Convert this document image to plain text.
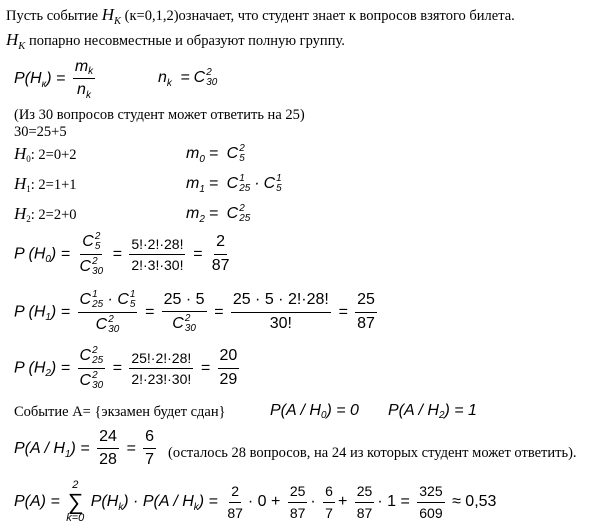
Пусть событие $H_K$ (к=0,1,2)означает, что студент знает к вопросов взятого билета.
$H_K$ попарно несовместные и образуют полную группу.
$P(H_к) = \frac{m_k}{n_k}$	$n_k = C$ 2
30
(Из 30 вопросов студент может ответить на 25)
30=25+5
$H_0$: 2=0+2	$m_0 = C$ 2
5
$H_1$: 2=1+1	$m_1 = C$ 1
25 · C 1
5
$H_2$: 2=2+0	$m_2 = C$ 2
25
P $(H_0) = C$ 2
5
C 2
$30 = \frac{5!\cdot 2!\cdot 28!}{2!\cdot 3!\cdot 30!} = \frac{2}{87}$
P $(H_1) = C$ 1
25 · C 1
5
C 2
30 = 25 · 5
C 2
$30 = \frac{25 \cdot 5 \cdot 2!\cdot 28!}{30!} = \frac{25}{87}$
P $(H_2) = C$ 2
25
C 2
$30 = \frac{25!\cdot 2!\cdot 28!}{2!\cdot 23!\cdot 30!} = \frac{20}{29}$
Событие А= {экзамен будет сдан}	$P(A / H_0) = 0$ $P(A / H_2) = 1$
$P(A / H_1) = \frac{24}{28} = \frac{6}{7}$ (осталось 28 вопросов, на 24 из которых студент может ответить).
P(A) =
2
∑
k=0
$P(H_k) \cdot P(A / H_k) = \frac{2}{87} \cdot 0 + \frac{25}{87} \cdot \frac{6}{7} + \frac{25}{87} \cdot 1 = \frac{325}{609} \approx 0,53$
